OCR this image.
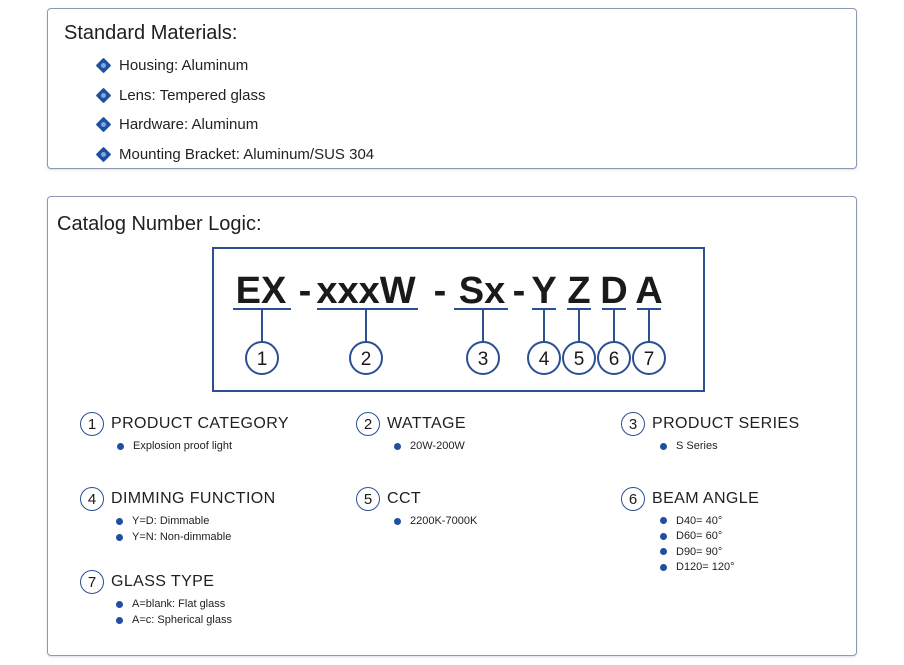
Standard Materials:
Housing: Aluminum
Lens: Tempered glass
Hardware: Aluminum
Mounting Bracket: Aluminum/SUS 304
Catalog Number Logic:
EX xxxW Sx Y Z D A
-	- -
1	2	3	4 5 6 7
1 PRODUCT CATEGORY
Explosion proof light
2 WATTAGE
20W-200W
3 PRODUCT SERIES
S Series
4 DIMMING FUNCTION
Y=D: Dimmable
Y=N: Non-dimmable
5 CCT
2200K-7000K
6 BEAM ANGLE
D40= 40°
D60= 60°
D90= 90°
D120= 120°
7 GLASS TYPE
A=blank: Flat glass
A=c: Spherical glass
